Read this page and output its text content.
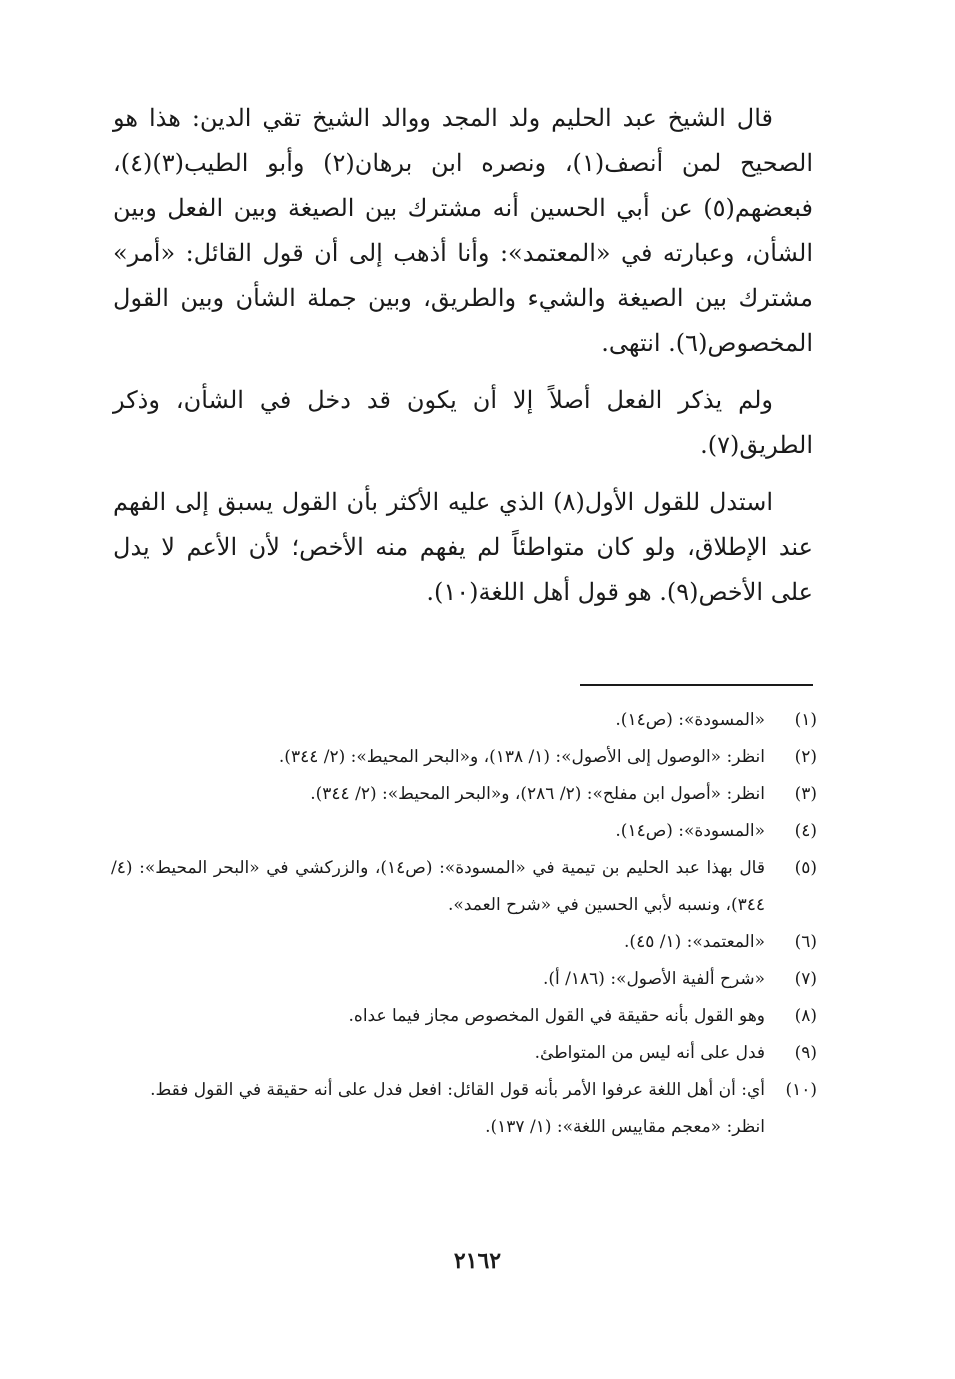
قال الشيخ عبد الحليم ولد المجد ووالد الشيخ تقي الدين: هذا هو الصحيح لمن أنصف(١)، ونصره ابن برهان(٢) وأبو الطيب(٣)(٤)، فبعضهم(٥) عن أبي الحسين أنه مشترك بين الصيغة وبين الفعل وبين الشأن، وعبارته في «المعتمد»: وأنا أذهب إلى أن قول القائل: «أمر» مشترك بين الصيغة والشيء والطريق، وبين جملة الشأن وبين القول المخصوص(٦). انتهى.

ولم يذكر الفعل أصلاً إلا أن يكون قد دخل في الشأن، وذكر الطريق(٧).

استدل للقول الأول(٨) الذي عليه الأكثر بأن القول يسبق إلى الفهم عند الإطلاق، ولو كان متواطئاً لم يفهم منه الأخص؛ لأن الأعم لا يدل على الأخص(٩). هو قول أهل اللغة(١٠).

(١)
«المسودة»: (ص١٤).
(٢)
انظر: «الوصول إلى الأصول»: (١/ ١٣٨)، و«البحر المحيط»: (٢/ ٣٤٤).
(٣)
انظر: «أصول ابن مفلح»: (٢/ ٢٨٦)، و«البحر المحيط»: (٢/ ٣٤٤).
(٤)
«المسودة»: (ص١٤).
(٥)
قال بهذا عبد الحليم بن تيمية في «المسودة»: (ص١٤)، والزركشي في «البحر المحيط»: (٤/ ٣٤٤)، ونسبه لأبي الحسين في «شرح العمد».
(٦)
«المعتمد»: (١/ ٤٥).
(٧)
«شرح ألفية الأصول»: (١٨٦/ أ).
(٨)
وهو القول بأنه حقيقة في القول المخصوص مجاز فيما عداه.
(٩)
فدل على أنه ليس من المتواطئ.
(١٠)
أي: أن أهل اللغة عرفوا الأمر بأنه قول القائل: افعل فدل على أنه حقيقة في القول فقط.
انظر: «معجم مقاييس اللغة»: (١/ ١٣٧).
٢١٦٢
